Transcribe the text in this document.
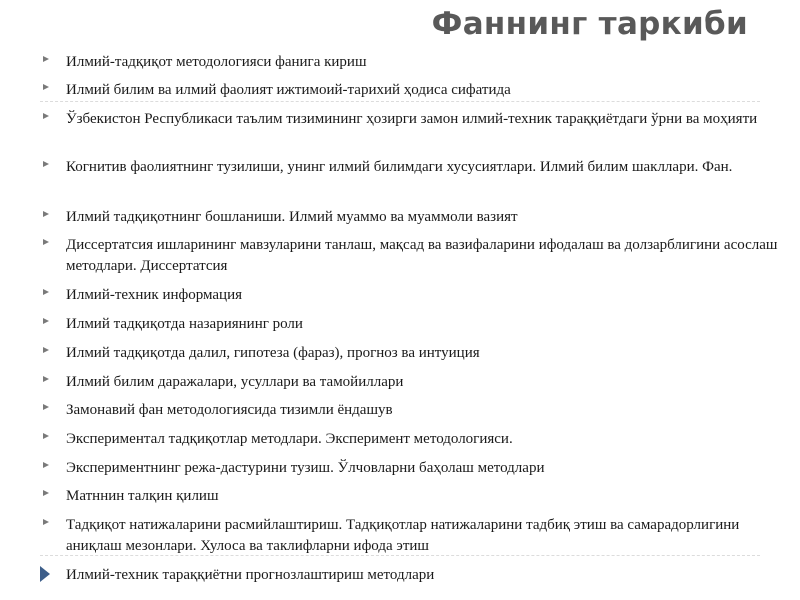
Фаннинг таркиби
Илмий-тадқиқот методологияси фанига кириш
Илмий билим ва илмий фаолият ижтимоий-тарихий ҳодиса сифатида
Ўзбекистон Республикаси таълим тизимининг ҳозирги замон илмий-техник тараққиётдаги ўрни ва моҳияти
Когнитив фаолиятнинг тузилиши, унинг илмий билимдаги хусусиятлари. Илмий билим шакллари. Фан.
Илмий тадқиқотнинг бошланиши. Илмий муаммо ва муаммоли вазият
Диссертатсия ишларининг мавзуларини танлаш, мақсад ва вазифаларини ифодалаш ва долзарблигини асослаш методлари. Диссертатсия
Илмий-техник информация
Илмий тадқиқотда назариянинг роли
Илмий тадқиқотда далил, гипотеза (фараз), прогноз ва интуиция
Илмий билим даражалари, усуллари ва тамойиллари
Замонавий фан методологиясида тизимли ёндашув
Экспериментал тадқиқотлар методлари. Эксперимент методологияси.
Экспериментнинг режа-дастурини тузиш. Ўлчовларни баҳолаш методлари
Матннин талқин қилиш
Тадқиқот натижаларини расмийлаштириш. Тадқиқотлар натижаларини тадбиқ этиш ва самарадорлигини аниқлаш мезонлари. Хулоса ва таклифларни ифода этиш
Илмий-техник тараққиётни прогнозлаштириш методлари
